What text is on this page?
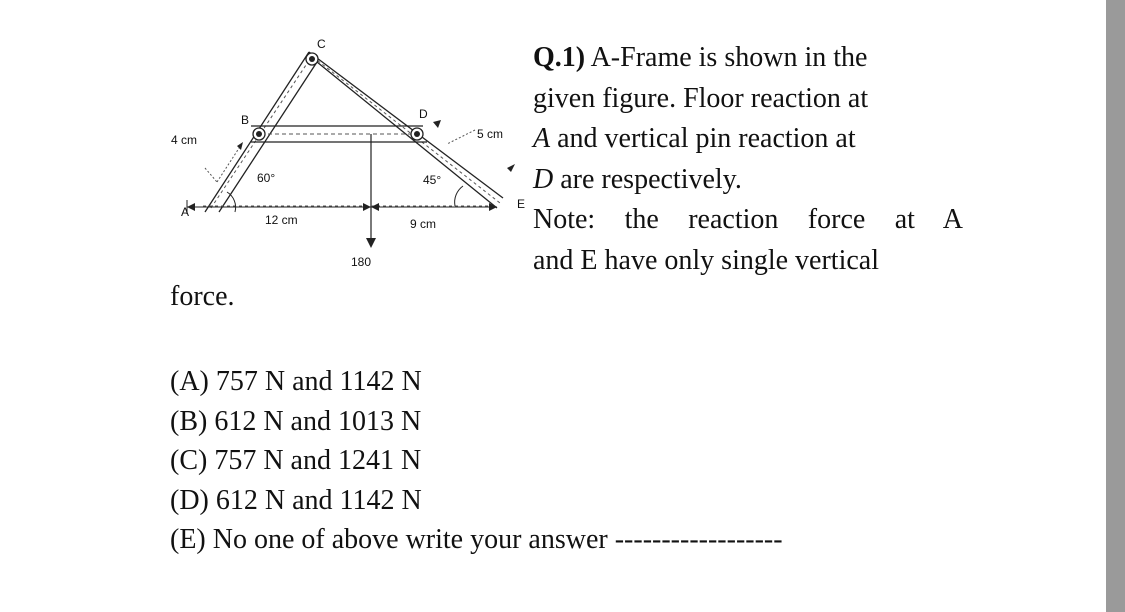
B
C
D
A
E
4 cm	5 cm
12 cm	9 cm
60°	45°
180
Q.1) A-Frame is shown in the
given figure. Floor reaction at
A and vertical pin reaction at
D are respectively.
Note: the reaction force at A
and E have only single vertical
force.
(A) 757 N and 1142 N
(B) 612 N and 1013 N
(C) 757 N and 1241 N
(D) 612 N and 1142 N
(E) No one of above write your answer ------------------
